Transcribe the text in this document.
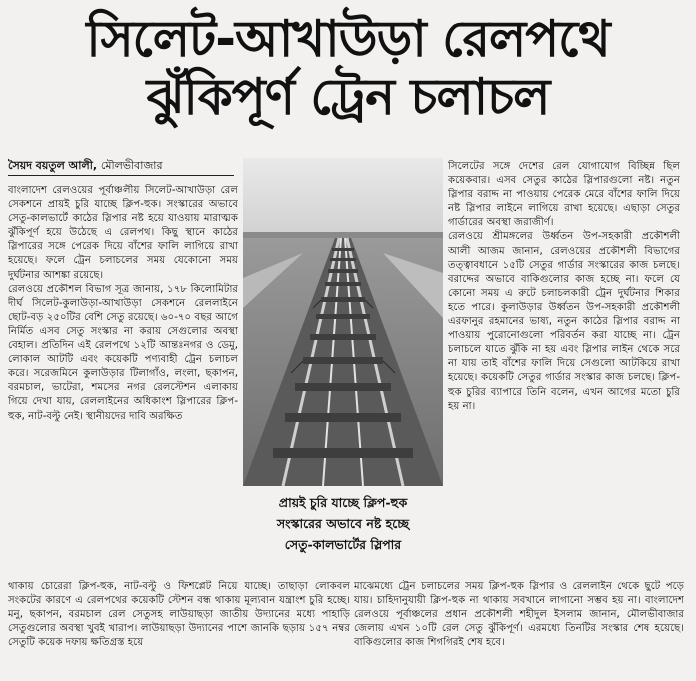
সিলেট-আখাউড়া রেলপথে
ঝুঁকিপূর্ণ ট্রেন চলাচল
সৈয়দ বয়তুল আলী, মৌলভীবাজার

বাংলাদেশ রেলওয়ের পূর্বাঞ্চলীয় সিলেট-আখাউড়া রেল সেকশনে প্রায়ই চুরি যাচ্ছে ক্লিপ-হুক। সংস্কারের অভাবে সেতু-কালভার্টে কাঠের স্লিপার নষ্ট হয়ে যাওয়ায় মারাত্মক ঝুঁকিপূর্ণ হয়ে উঠেছে এ রেলপথ। কিছু স্থানে কাঠের স্লিপারের সঙ্গে পেরেক দিয়ে বাঁশের ফালি লাগিয়ে রাখা হয়েছে। ফলে ট্রেন চলাচলের সময় যেকোনো সময় দুর্ঘটনার আশঙ্কা রয়েছে।

রেলওয়ে প্রকৌশল বিভাগ সূত্র জানায়, ১৭৮ কিলোমিটার দীর্ঘ সিলেট-কুলাউড়া-আখাউড়া সেকশনে রেললাইনে ছোট-বড় ২৫০টির বেশি সেতু রয়েছে। ৬০-৭০ বছর আগে নির্মিত এসব সেতু সংস্কার না করায় সেগুলোর অবস্থা বেহাল। প্রতিদিন এই রেলপথে ১২টি আন্তঃনগর ও ডেমু, লোকাল আটটি এবং কয়েকটি পণ্যবাহী ট্রেন চলাচল করে। সরেজমিনে কুলাউড়ার টিলাগাঁও, লংলা, ছকাপন, বরমচাল, ভাটেরা, শমসের নগর রেলস্টেশন এলাকায় গিয়ে দেখা যায়, রেললাইনের অধিকাংশ স্লিপারের ক্লিপ-হুক, নাট-বল্টু নেই। স্থানীয়দের দাবি অরক্ষিত

প্রায়ই চুরি যাচ্ছে ক্লিপ-হুক
সংস্কারের অভাবে নষ্ট হচ্ছে
সেতু-কালভার্টের স্লিপার

সিলেটের সঙ্গে দেশের রেল যোগাযোগ বিচ্ছিন্ন ছিল কয়েকবার। এসব সেতুর কাঠের স্লিপারগুলো নষ্ট। নতুন স্লিপার বরাদ্দ না পাওয়ায় পেরেক মেরে বাঁশের ফালি দিয়ে নষ্ট স্লিপার লাইনে লাগিয়ে রাখা হয়েছে। এছাড়া সেতুর গার্ডারের অবস্থা জরাজীর্ণ।

রেলওয়ে শ্রীমঙ্গলের উর্ধ্বতন উপ-সহকারী প্রকৌশলী আলী আজম জানান, রেলওয়ের প্রকৌশলী বিভাগের তত্ত্বাবধানে ১৫টি সেতুর গার্ডার সংস্কারের কাজ চলছে। বরাদ্দের অভাবে বাকিগুলোর কাজ হচ্ছে না। ফলে যে কোনো সময় এ রুটে চলাচলকারী ট্রেন দুর্ঘটনার শিকার হতে পারে। কুলাউড়ার উর্ধ্বতন উপ-সহকারী প্রকৌশলী এরফানুর রহমানের ভাষ্য, নতুন কাঠের স্লিপার বরাদ্দ না পাওয়ায় পুরোনোগুলো পরিবর্তন করা যাচ্ছে না। ট্রেন চলাচলে যাতে ঝুঁকি না হয় এবং স্লিপার লাইন থেকে সরে না যায় তাই বাঁশের ফালি দিয়ে সেগুলো আটকিয়ে রাখা হয়েছে। কয়েকটি সেতুর গার্ডার সংস্কার কাজ চলছে। ক্লিপ-হুক চুরির ব্যাপারে তিনি বলেন, এখন আগের মতো চুরি হয় না।

থাকায় চোরেরা ক্লিপ-হুক, নাট-বল্টু ও ফিশপ্লেট নিয়ে যাচ্ছে। তাছাড়া লোকবল সংকটের কারণে এ রেলপথের কয়েকটি স্টেশন বন্ধ থাকায় মূল্যবান যন্ত্রাংশ চুরি হচ্ছে। মনু, ছকাপন, বরমচাল রেল সেতুসহ লাউয়াছড়া জাতীয় উদ্যানের মধ্যে পাহাড়ি সেতুগুলোর অবস্থা খুবই খারাপ। লাউয়াছড়া উদ্যানের পাশে জানকি ছড়ায় ১৫৭ নম্বর সেতুটি কয়েক দফায় ক্ষতিগ্রস্ত হয়ে

মাঝেমধ্যে ট্রেন চলাচলের সময় ক্লিপ-হুক স্লিপার ও রেললাইন থেকে ছুটে পড়ে যায়। চাহিদানুযায়ী ক্লিপ-হুক না থাকায় সবখানে লাগানো সম্ভব হয় না। বাংলাদেশ রেলওয়ে পূর্বাঞ্চলের প্রধান প্রকৌশলী শহীদুল ইসলাম জানান, মৌলভীবাজার জেলায় এখন ১০টি রেল সেতু ঝুঁকিপূর্ণ। এরমধ্যে তিনটির সংস্কার শেষ হয়েছে। বাকিগুলোর কাজ শিগগিরই শেষ হবে।
